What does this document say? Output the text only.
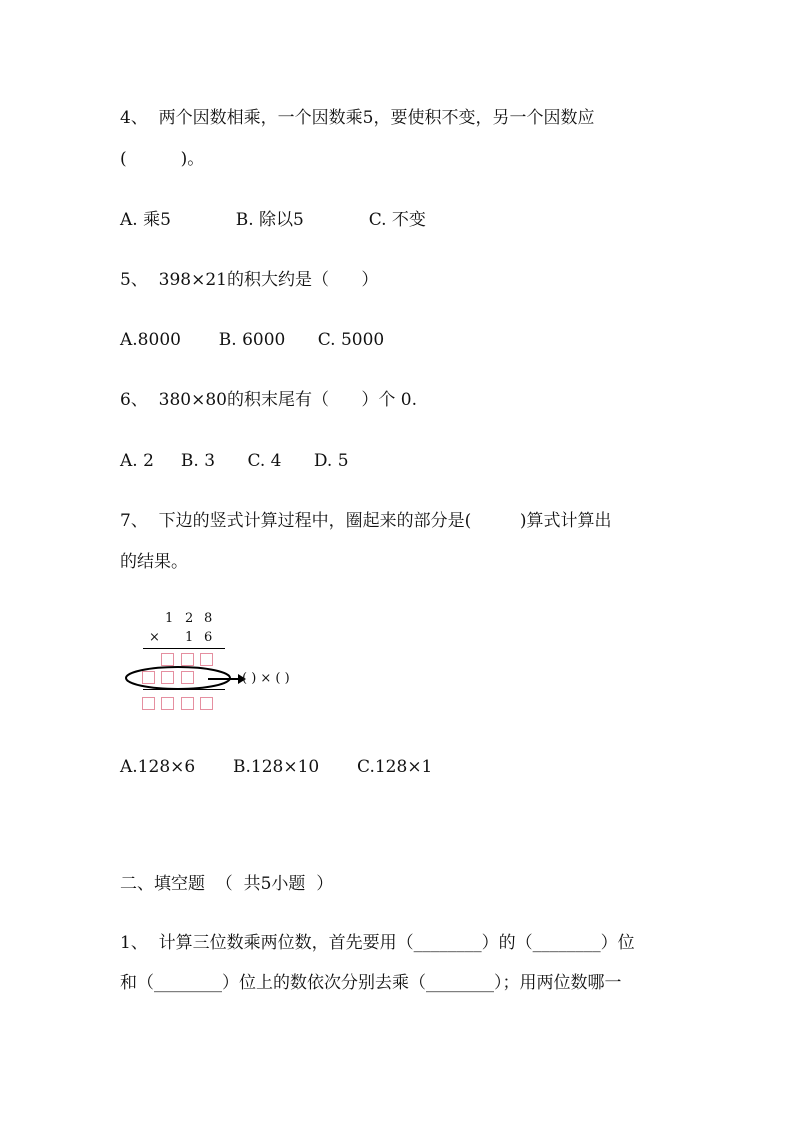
4、  两个因数相乘，一个因数乘5，要使积不变，另一个因数应
(          )。
A. 乘5            B. 除以5            C. 不变
5、  398×21的积大约是（      ）
A.8000       B. 6000      C. 5000
6、  380×80的积末尾有（      ）个 0.
A. 2     B. 3      C. 4      D. 5
7、  下边的竖式计算过程中，圈起来的部分是(         )算式计算出
的结果。
1 2 8
× 1 6
( ) × ( )
A.128×6       B.128×10       C.128×1
二、填空题  （  共5小题  ）
1、  计算三位数乘两位数，首先要用（________）的（________）位
和（________）位上的数依次分别去乘（________）；用两位数哪一
